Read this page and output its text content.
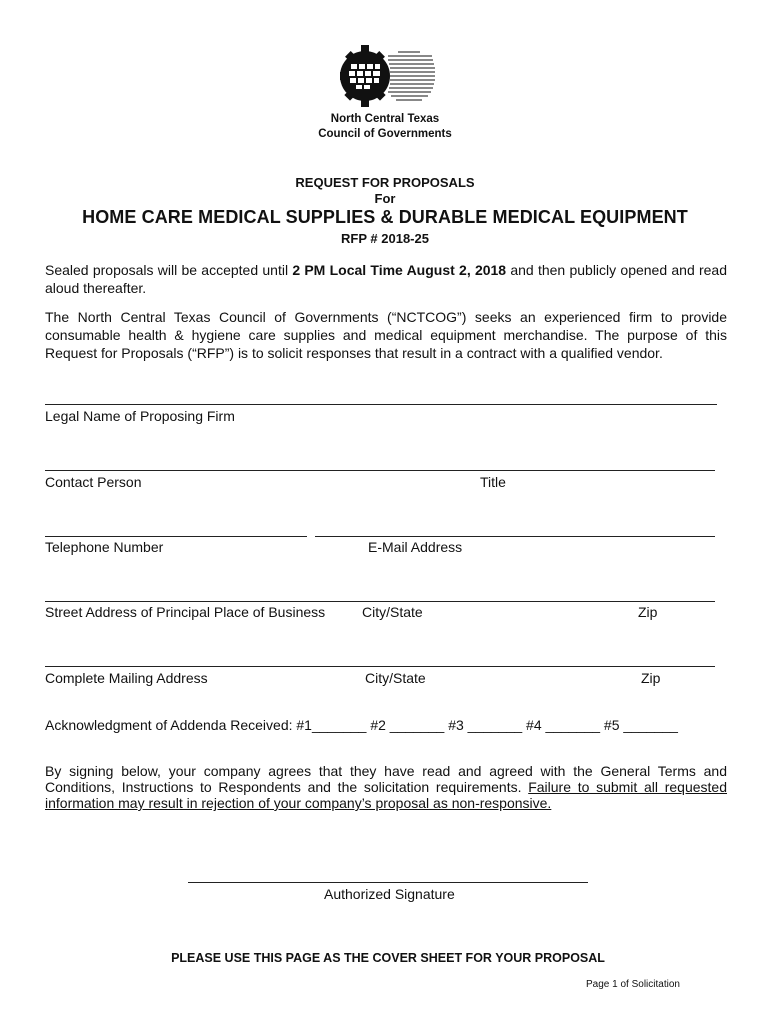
North Central Texas
Council of Governments
REQUEST FOR PROPOSALS
For
HOME CARE MEDICAL SUPPLIES & DURABLE MEDICAL EQUIPMENT
RFP # 2018-25
Sealed proposals will be accepted until 2 PM Local Time August 2, 2018 and then publicly opened and read aloud thereafter.
The North Central Texas Council of Governments (“NCTCOG”) seeks an experienced firm to provide consumable health & hygiene care supplies and medical equipment merchandise. The purpose of this Request for Proposals (“RFP”) is to solicit responses that result in a contract with a qualified vendor.
Legal Name of Proposing Firm
Contact Person	Title
Telephone Number	E-Mail Address
Street Address of Principal Place of Business	City/State	Zip
Complete Mailing Address	City/State	Zip
Acknowledgment of Addenda Received: #1_______ #2 _______ #3 _______ #4 _______ #5 _______
By signing below, your company agrees that they have read and agreed with the General Terms and Conditions, Instructions to Respondents and the solicitation requirements. Failure to submit all requested information may result in rejection of your company’s proposal as non-responsive.
Authorized Signature
PLEASE USE THIS PAGE AS THE COVER SHEET FOR YOUR PROPOSAL
Page 1 of Solicitation
